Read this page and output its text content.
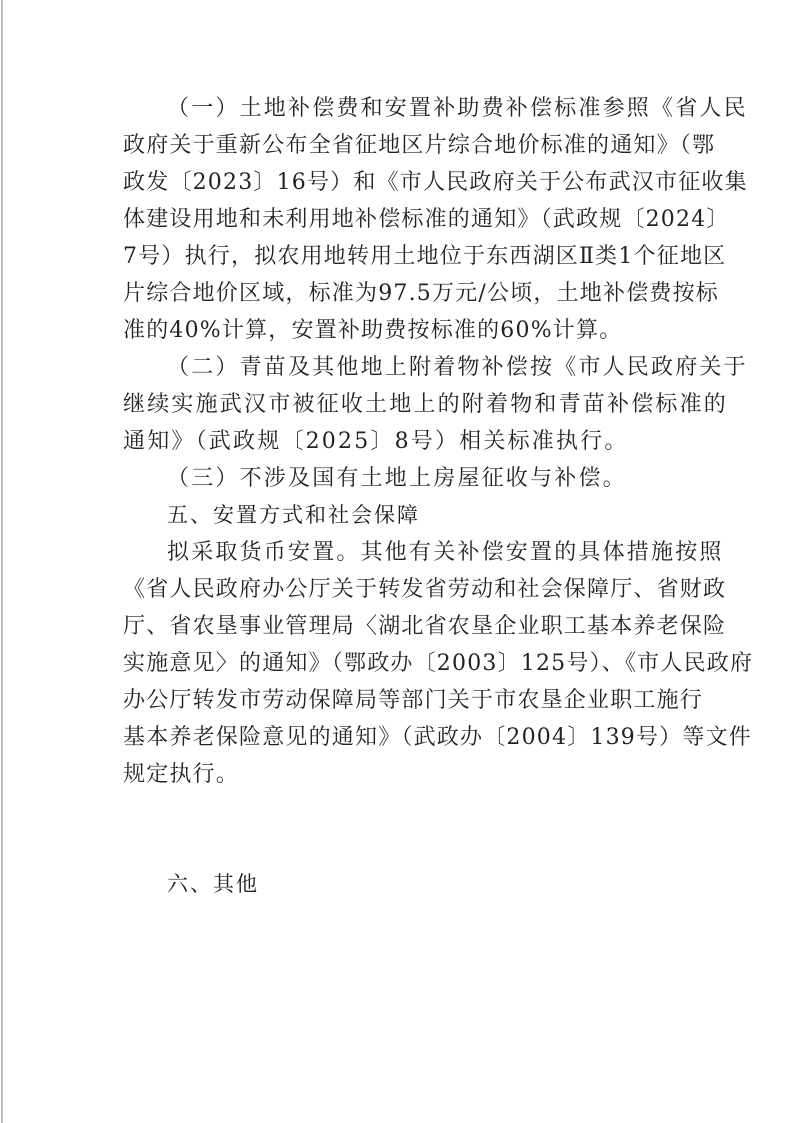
（一）土地补偿费和安置补助费补偿标准参照《省人民
政府关于重新公布全省征地区片综合地价标准的通知》（鄂
政发〔2023〕16号）和《市人民政府关于公布武汉市征收集
体建设用地和未利用地补偿标准的通知》（武政规〔2024〕
7号）执行，拟农用地转用土地位于东西湖区Ⅱ类1个征地区
片综合地价区域，标准为97.5万元/公顷，土地补偿费按标
准的40%计算，安置补助费按标准的60%计算。
（二）青苗及其他地上附着物补偿按《市人民政府关于
继续实施武汉市被征收土地上的附着物和青苗补偿标准的
通知》（武政规〔2025〕8号）相关标准执行。
（三）不涉及国有土地上房屋征收与补偿。
五、安置方式和社会保障
拟采取货币安置。其他有关补偿安置的具体措施按照
《省人民政府办公厅关于转发省劳动和社会保障厅、省财政
厅、省农垦事业管理局〈湖北省农垦企业职工基本养老保险
实施意见〉的通知》（鄂政办〔2003〕125号）、《市人民政府
办公厅转发市劳动保障局等部门关于市农垦企业职工施行
基本养老保险意见的通知》（武政办〔2004〕139号）等文件
规定执行。
六、其他
